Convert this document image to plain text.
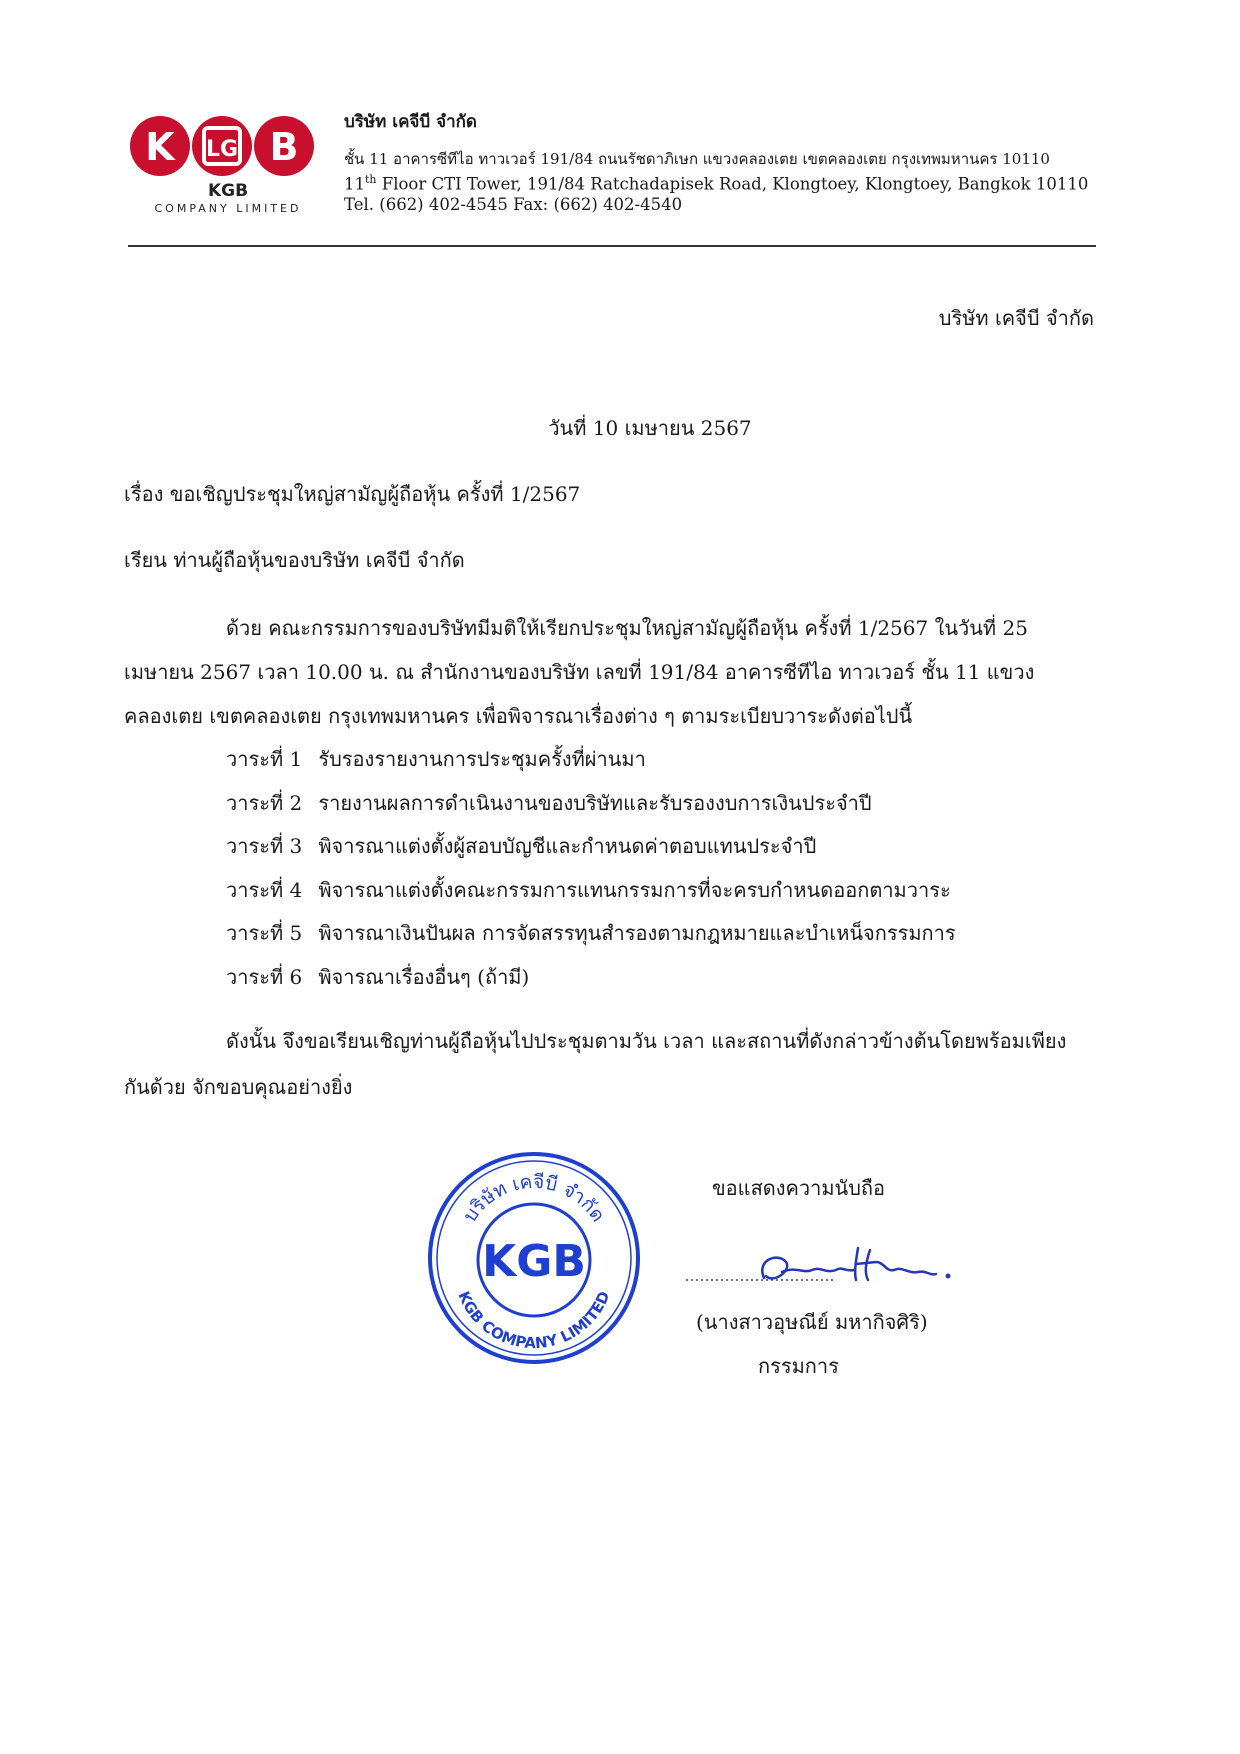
K LG B
KGB
COMPANY LIMITED
บริษัท เคจีบี จำกัด
ชั้น 11 อาคารซีทีไอ ทาวเวอร์ 191/84 ถนนรัชดาภิเษก แขวงคลองเตย เขตคลองเตย กรุงเทพมหานคร 10110
11th Floor CTI Tower, 191/84 Ratchadapisek Road, Klongtoey, Klongtoey, Bangkok 10110
Tel. (662) 402-4545 Fax: (662) 402-4540
บริษัท เคจีบี จำกัด
วันที่ 10 เมษายน 2567
เรื่อง ขอเชิญประชุมใหญ่สามัญผู้ถือหุ้น ครั้งที่ 1/2567
เรียน ท่านผู้ถือหุ้นของบริษัท เคจีบี จำกัด
ด้วย คณะกรรมการของบริษัทมีมติให้เรียกประชุมใหญ่สามัญผู้ถือหุ้น ครั้งที่ 1/2567 ในวันที่ 25 เมษายน 2567 เวลา 10.00 น. ณ สำนักงานของบริษัท เลขที่ 191/84 อาคารซีทีไอ ทาวเวอร์ ชั้น 11 แขวงคลองเตย เขตคลองเตย กรุงเทพมหานคร เพื่อพิจารณาเรื่องต่าง ๆ ตามระเบียบวาระดังต่อไปนี้
วาระที่ 1 รับรองรายงานการประชุมครั้งที่ผ่านมา
วาระที่ 2 รายงานผลการดำเนินงานของบริษัทและรับรองงบการเงินประจำปี
วาระที่ 3 พิจารณาแต่งตั้งผู้สอบบัญชีและกำหนดค่าตอบแทนประจำปี
วาระที่ 4 พิจารณาแต่งตั้งคณะกรรมการแทนกรรมการที่จะครบกำหนดออกตามวาระ
วาระที่ 5 พิจารณาเงินปันผล การจัดสรรทุนสำรองตามกฎหมายและบำเหน็จกรรมการ
วาระที่ 6 พิจารณาเรื่องอื่นๆ (ถ้ามี)
ดังนั้น จึงขอเรียนเชิญท่านผู้ถือหุ้นไปประชุมตามวัน เวลา และสถานที่ดังกล่าวข้างต้นโดยพร้อมเพียงกันด้วย จักขอบคุณอย่างยิ่ง
บริษัท เคจีบี จำกัด
KGB
KGB COMPANY LIMITED
ขอแสดงความนับถือ
(นางสาวอุษณีย์ มหากิจศิริ)
กรรมการ
